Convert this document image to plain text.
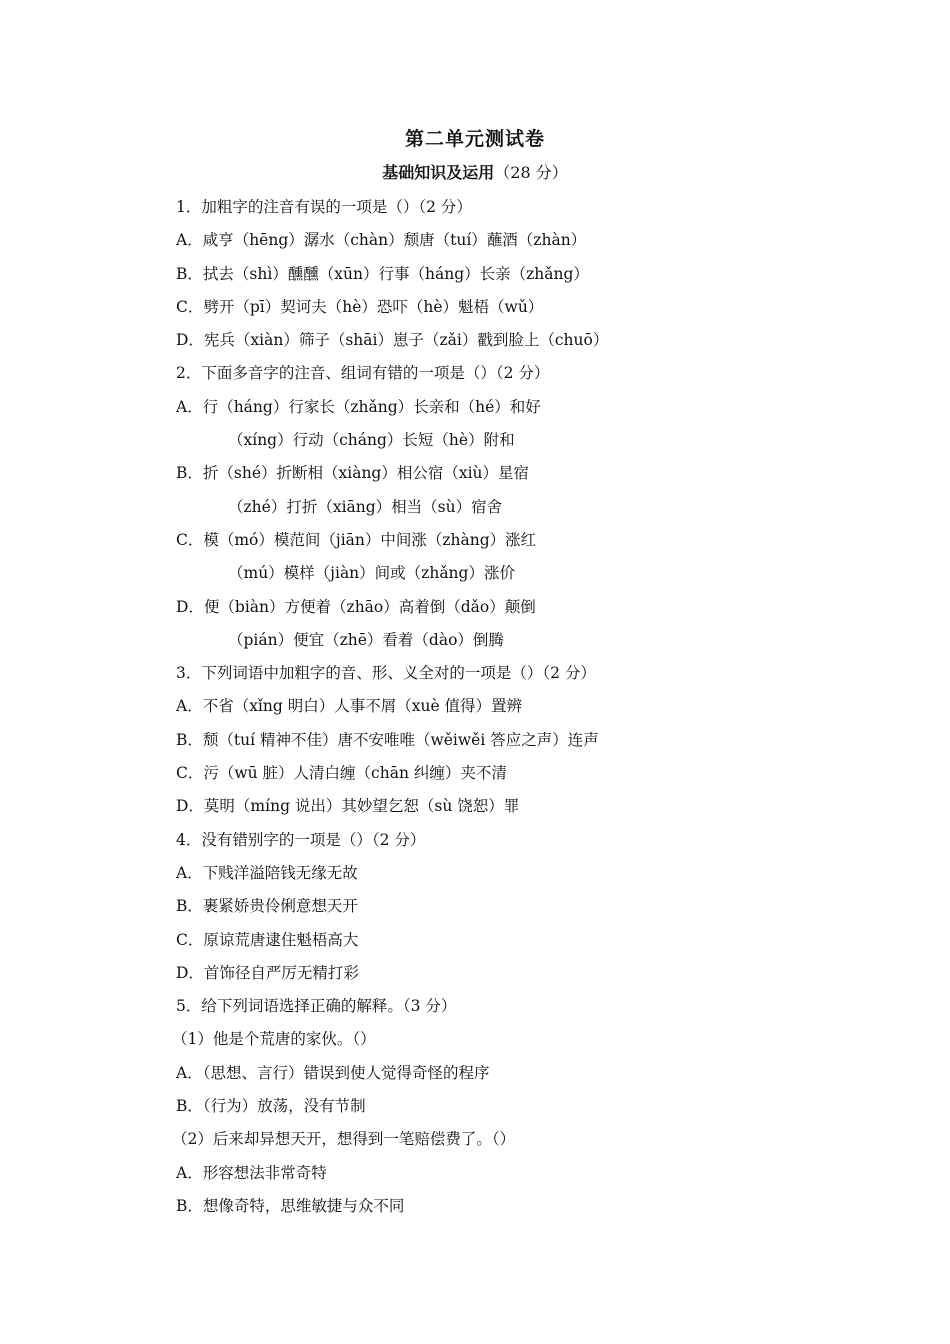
第二单元测试卷
基础知识及运用（28 分）
1．加粗字的注音有误的一项是（）（2 分）
A．咸亨（hēng）潺水（chàn）颓唐（tuí）蘸酒（zhàn）
B．拭去（shì）醺醺（xūn）行事（háng）长亲（zhǎng）
C．劈开（pī）契诃夫（hè）恐吓（hè）魁梧（wǔ）
D．宪兵（xiàn）筛子（shāi）崽子（zǎi）戳到脸上（chuō）
2．下面多音字的注音、组词有错的一项是（）（2 分）
A．行（háng）行家长（zhǎng）长亲和（hé）和好
（xíng）行动（cháng）长短（hè）附和
B．折（shé）折断相（xiàng）相公宿（xiù）星宿
（zhé）打折（xiāng）相当（sù）宿舍
C．模（mó）模范间（jiān）中间涨（zhàng）涨红
（mú）模样（jiàn）间或（zhǎng）涨价
D．便（biàn）方便着（zhāo）高着倒（dǎo）颠倒
（pián）便宜（zhē）看着（dào）倒腾
3．下列词语中加粗字的音、形、义全对的一项是（）（2 分）
A．不省（xǐng 明白）人事不屑（xuè 值得）置辨
B．颓（tuí 精神不佳）唐不安唯唯（wěiwěi 答应之声）连声
C．污（wū 脏）人清白缠（chān 纠缠）夹不清
D．莫明（míng 说出）其妙望乞恕（sù 饶恕）罪
4．没有错别字的一项是（）（2 分）
A．下贱洋溢陪钱无缘无故
B．裹紧娇贵伶俐意想天开
C．原谅荒唐逮住魁梧高大
D．首饰径自严厉无精打彩
5．给下列词语选择正确的解释。（3 分）
（1）他是个荒唐的家伙。（）
A．（思想、言行）错误到使人觉得奇怪的程序
B．（行为）放荡，没有节制
（2）后来却异想天开，想得到一笔赔偿费了。（）
A．形容想法非常奇特
B．想像奇特，思维敏捷与众不同
